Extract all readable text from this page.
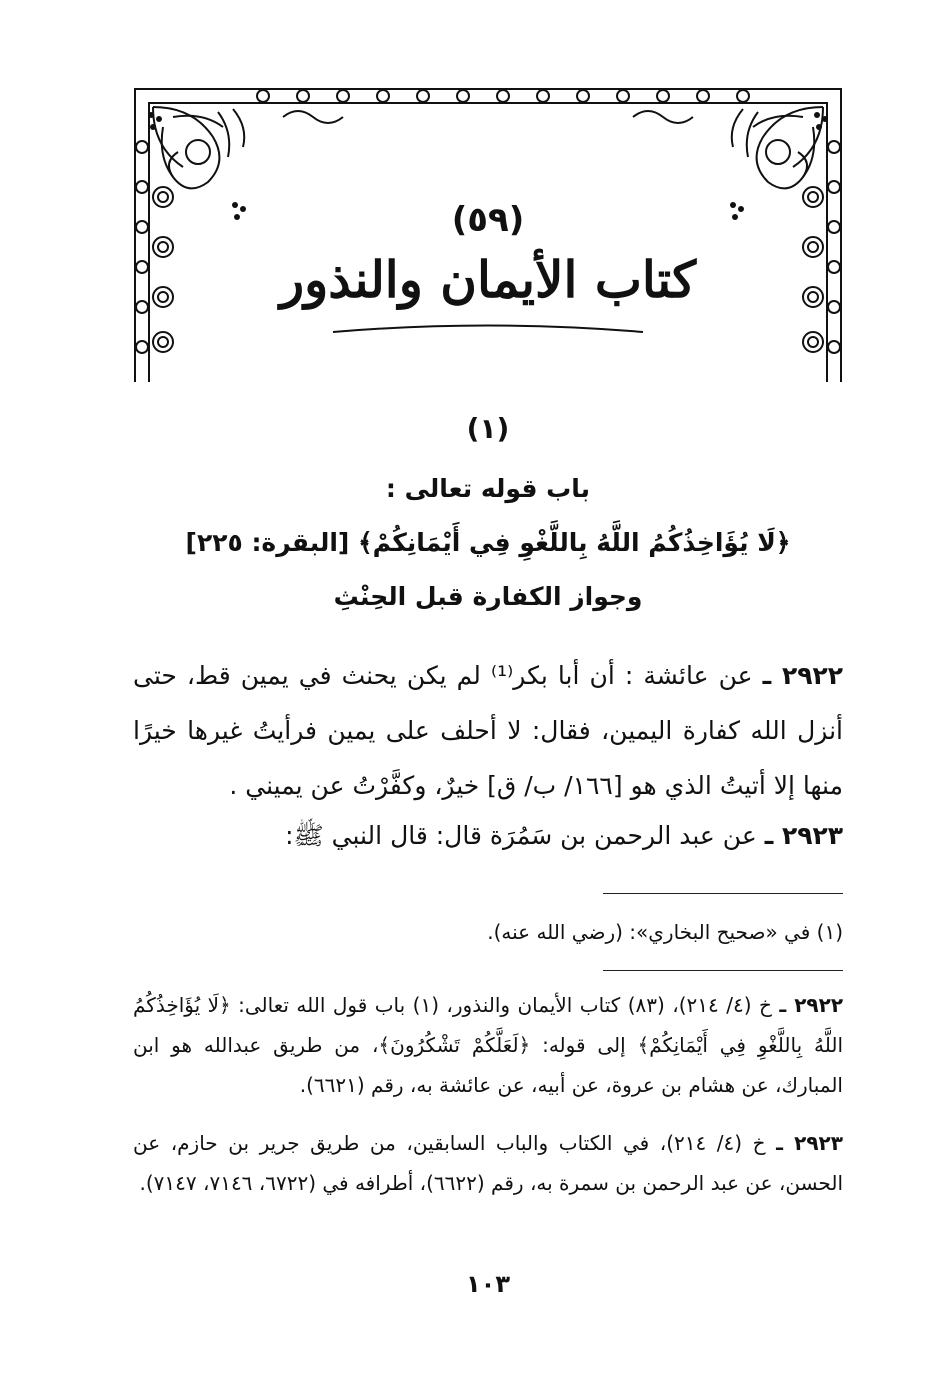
(٥٩)
كتاب الأيمان والنذور
(١)
باب قوله تعالى :
﴿لَا يُؤَاخِذُكُمُ اللَّهُ بِاللَّغْوِ فِي أَيْمَانِكُمْ﴾ [البقرة: ٢٢٥]
وجواز الكفارة قبل الحِنْثِ
٢٩٢٢ ـ عن عائشة : أن أبا بكر⁽¹⁾ لم يكن يحنث في يمين قط، حتى أنزل الله كفارة اليمين، فقال: لا أحلف على يمين فرأيتُ غيرها خيرًا منها إلا أتيتُ الذي هو [١٦٦/ ب/ ق] خيرٌ، وكفَّرْتُ عن يميني .
٢٩٢٣ ـ عن عبد الرحمن بن سَمُرَة قال: قال النبي ﷺ:
(١) في «صحيح البخاري»: (رضي الله عنه).
٢٩٢٢ ـ خ (٤/ ٢١٤)، (٨٣) كتاب الأيمان والنذور، (١) باب قول الله تعالى: ﴿لَا يُؤَاخِذُكُمُ اللَّهُ بِاللَّغْوِ فِي أَيْمَانِكُمْ﴾ إلى قوله: ﴿لَعَلَّكُمْ تَشْكُرُونَ﴾، من طريق عبدالله هو ابن المبارك، عن هشام بن عروة، عن أبيه، عن عائشة به، رقم (٦٦٢١).
٢٩٢٣ ـ خ (٤/ ٢١٤)، في الكتاب والباب السابقين، من طريق جرير بن حازم، عن الحسن، عن عبد الرحمن بن سمرة به، رقم (٦٦٢٢)، أطرافه في (٦٧٢٢، ٧١٤٦، ٧١٤٧).
١٠٣
